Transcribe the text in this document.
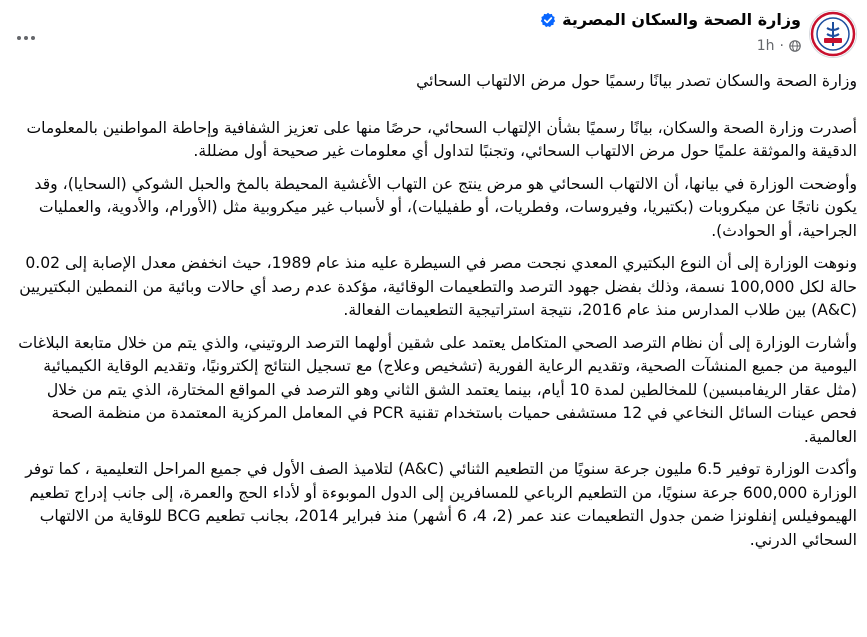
وزارة الصحة والسكان المصرية
1h ·

وزارة الصحة والسكان تصدر بيانًا رسميًا حول مرض الالتهاب السحائي

أصدرت وزارة الصحة والسكان، بيانًا رسميًا بشأن الإلتهاب السحائي، حرصًا منها على تعزيز الشفافية وإحاطة المواطنين بالمعلومات الدقيقة والموثقة علميًا حول مرض الالتهاب السحائي، وتجنبًا لتداول أي معلومات غير صحيحة أول مضللة.

وأوضحت الوزارة في بيانها، أن الالتهاب السحائي هو مرض ينتج عن التهاب الأغشية المحيطة بالمخ والحبل الشوكي (السحايا)، وقد يكون ناتجًا عن ميكروبات (بكتيريا، وفيروسات، وفطريات، أو طفيليات)، أو لأسباب غير ميكروبية مثل (الأورام، والأدوية، والعمليات الجراحية، أو الحوادث).

ونوهت الوزارة إلى أن النوع البكتيري المعدي نجحت مصر في السيطرة عليه منذ عام 1989، حيث انخفض معدل الإصابة إلى 0.02 حالة لكل 100,000 نسمة، وذلك بفضل جهود الترصد والتطعيمات الوقائية، مؤكدة عدم رصد أي حالات وبائية من النمطين البكتيريين (A&C) بين طلاب المدارس منذ عام 2016، نتيجة استراتيجية التطعيمات الفعالة.

وأشارت الوزارة إلى أن نظام الترصد الصحي المتكامل يعتمد على شقين أولهما الترصد الروتيني، والذي يتم من خلال متابعة البلاغات اليومية من جميع المنشآت الصحية، وتقديم الرعاية الفورية (تشخيص وعلاج) مع تسجيل النتائج إلكترونيًا، وتقديم الوقاية الكيميائية (مثل عقار الريفامبسين) للمخالطين لمدة 10 أيام، بينما يعتمد الشق الثاني وهو الترصد في المواقع المختارة، الذي يتم من خلال فحص عينات السائل النخاعي في 12 مستشفى حميات باستخدام تقنية PCR في المعامل المركزية المعتمدة من منظمة الصحة العالمية.

وأكدت الوزارة توفير 6.5 مليون جرعة سنويًا من التطعيم الثنائي (A&C) لتلاميذ الصف الأول في جميع المراحل التعليمية ، كما توفر الوزارة 600,000 جرعة سنويًا، من التطعيم الرباعي للمسافرين إلى الدول الموبوءة أو لأداء الحج والعمرة، إلى جانب إدراج تطعيم الهيموفيلس إنفلونزا ضمن جدول التطعيمات عند عمر (2، 4، 6 أشهر) منذ فبراير 2014، بجانب تطعيم BCG للوقاية من الالتهاب السحائي الدرني.
